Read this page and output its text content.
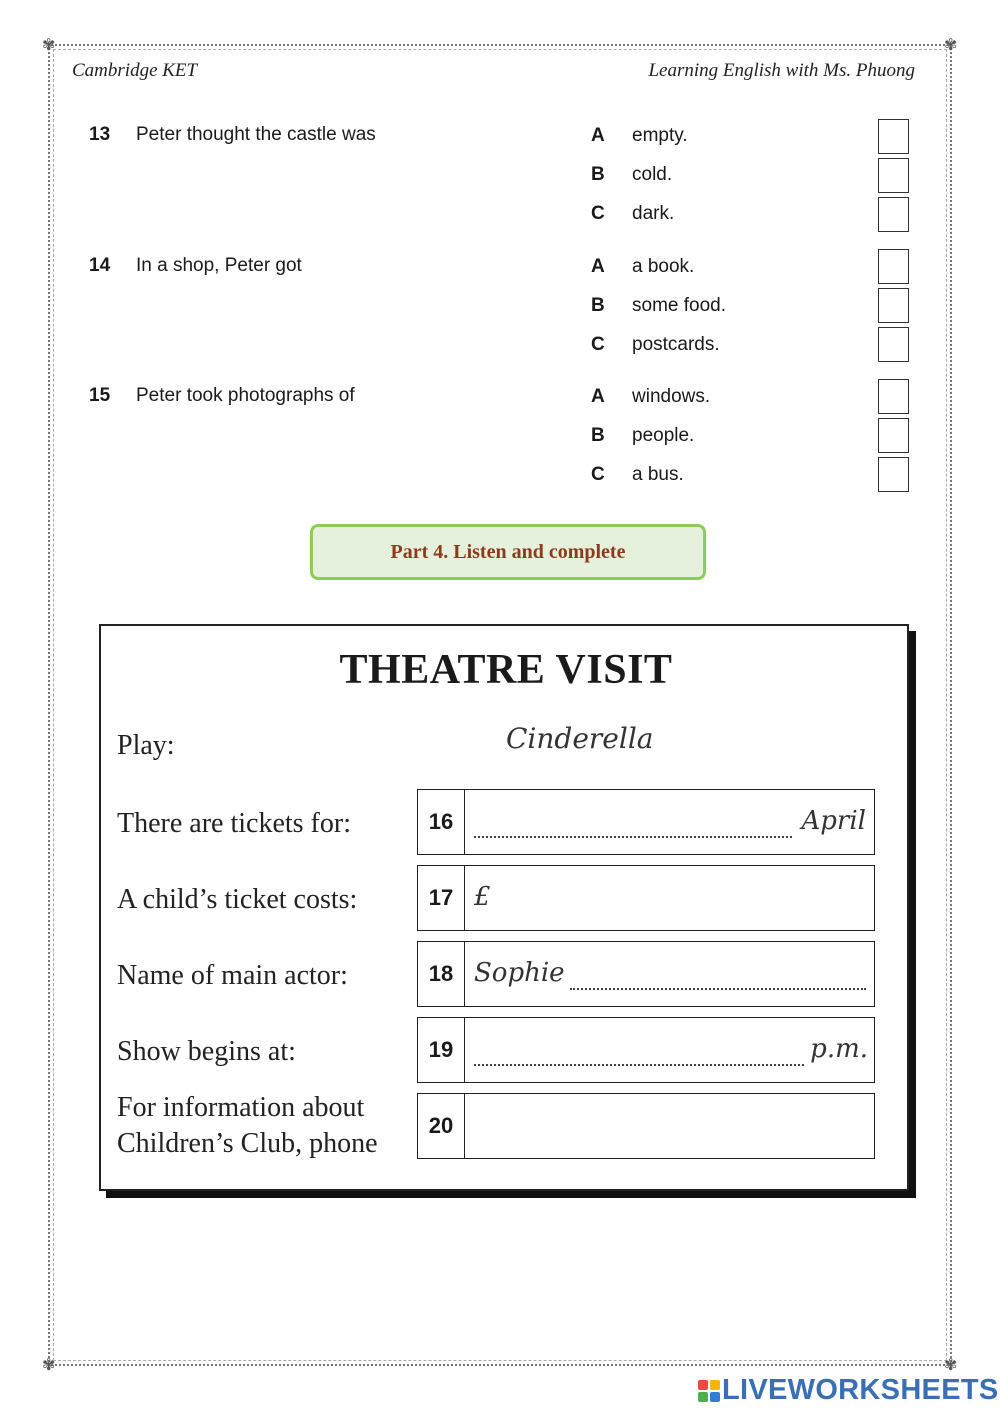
✾	✾
✾	✾
Cambridge KET	Learning English with Ms. Phuong
13 Peter thought the castle was	A empty.
B cold.
C dark.
14 In a shop, Peter got	A a book.
B some food.
C postcards.
15 Peter took photographs of	A windows.
B people.
C a bus.
Part 4. Listen and complete
THEATRE VISIT
Play:	Cinderella
There are tickets for:	16	April
A child’s ticket costs:	17 £
Name of main actor:	18 Sophie
Show begins at:	19	p.m.
For information about
Children’s Club, phone
20
LIVEWORKSHEETS
